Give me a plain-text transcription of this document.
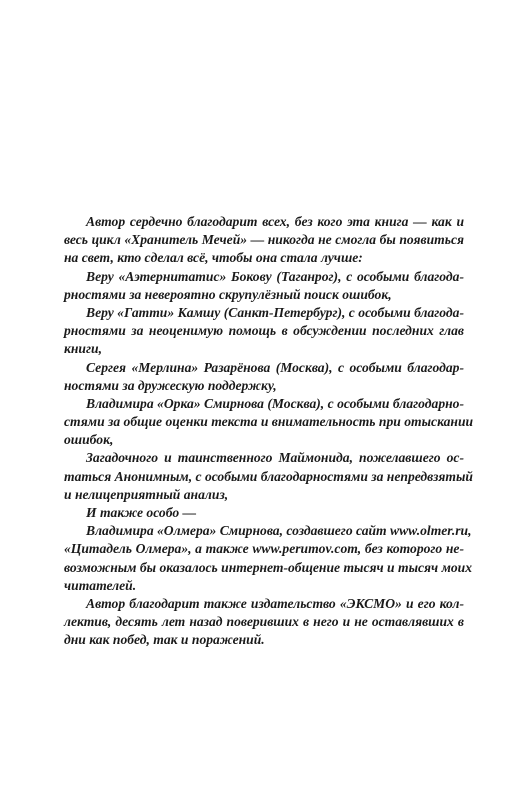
Автор сердечно благодарит всех, без кого эта книга — как и
весь цикл «Хранитель Мечей» — никогда не смогла бы появиться
на свет, кто сделал всё, чтобы она стала лучше:
Веру «Аэтернитатис» Бокову (Таганрог), с особыми благода-
рностями за невероятно скрупулёзный поиск ошибок,
Веру «Гатти» Камшу (Санкт-Петербург), с особыми благода-
рностями за неоценимую помощь в обсуждении последних глав
книги,
Сергея «Мерлина» Разарёнова (Москва), с особыми благодар-
ностями за дружескую поддержку,
Владимира «Орка» Смирнова (Москва), с особыми благодарно-
стями за общие оценки текста и внимательность при отыскании
ошибок,
Загадочного и таинственного Маймонида, пожелавшего ос-
таться Анонимным, с особыми благодарностями за непредвзятый
и нелицеприятный анализ,
И также особо —
Владимира «Олмера» Смирнова, создавшего сайт www.olmer.ru,
«Цитадель Олмера», а также www.perumov.com, без которого не-
возможным бы оказалось интернет-общение тысяч и тысяч моих
читателей.
Автор благодарит также издательство «ЭКСМО» и его кол-
лектив, десять лет назад поверивших в него и не оставлявших в
дни как побед, так и поражений.
